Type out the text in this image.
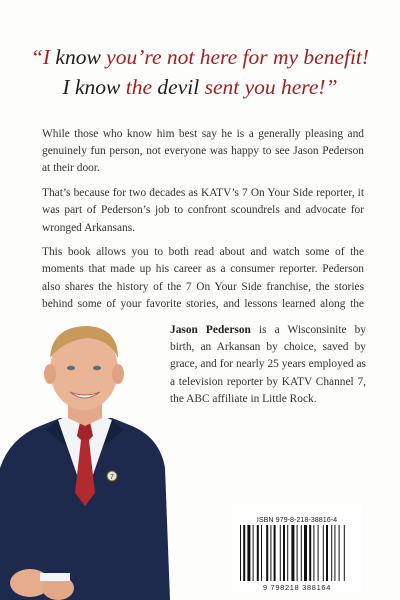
“I know you’re not here for my benefit!
I know the devil sent you here!”

While those who know him best say he is a generally pleasing and genuinely fun person, not everyone was happy to see Jason Pederson at their door.

That’s because for two decades as KATV’s 7 On Your Side reporter, it was part of Pederson’s job to confront scoundrels and advocate for wronged Arkansans.

This book allows you to both read about and watch some of the moments that made up his career as a consumer reporter. Pederson also shares the history of the 7 On Your Side franchise, the stories behind some of your favorite stories, and lessons learned along the

7
Jason Pederson is a Wisconsinite by birth, an Arkansan by choice, saved by grace, and for nearly 25 years employed as a television reporter by KATV Channel 7, the ABC affiliate in Little Rock.
ISBN 979-8-218-38816-4
9 798218 388164
